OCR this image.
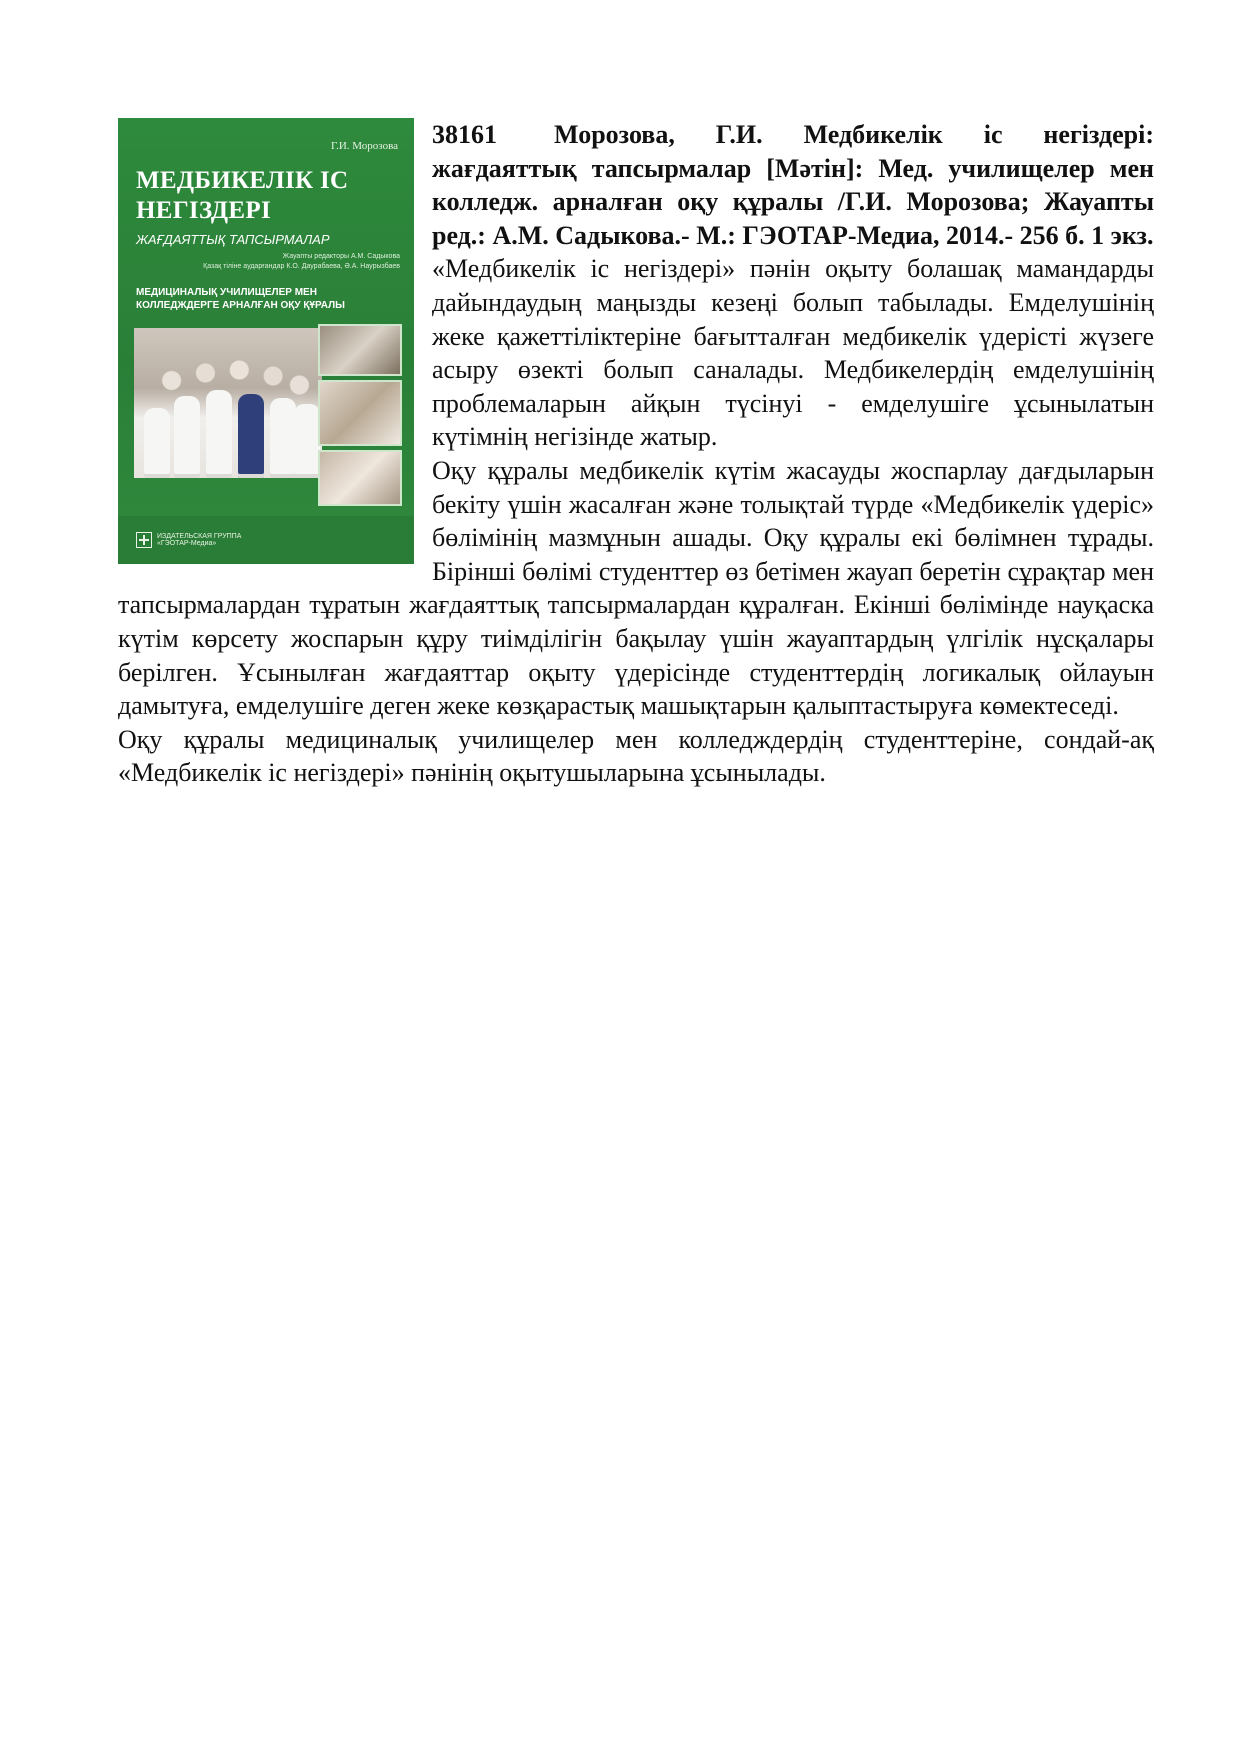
Г.И. Морозова
МЕДБИКЕЛІК ІС
НЕГІЗДЕРІ
ЖАҒДАЯТТЫҚ ТАПСЫРМАЛАР
Жауапты редакторы А.М. Садыкова
Қазақ тіліне аударғандар К.О. Даурабаева, Ә.А. Наурызбаев
МЕДИЦИНАЛЫҚ УЧИЛИЩЕЛЕР МЕН
КОЛЛЕДЖДЕРГЕ АРНАЛҒАН ОҚУ ҚҰРАЛЫ
ИЗДАТЕЛЬСКАЯ ГРУППА
«ГЭОТАР-Медиа»

38161 Морозова, Г.И. Медбикелік іс негіздері: жағдаяттық тапсырмалар [Мәтін]: Мед. училищелер мен колледж. арналған оқу құралы /Г.И. Морозова; Жауапты ред.: А.М. Садыкова.- М.: ГЭОТАР-Медиа, 2014.- 256 б. 1 экз.

«Медбикелік іс негіздері» пәнін оқыту болашақ мамандарды дайындаудың маңызды кезеңі болып табылады. Емделушінің жеке қажеттіліктеріне бағытталған медбикелік үдерісті жүзеге асыру өзекті болып саналады. Медбикелердің емделушінің проблемаларын айқын түсінуі - емделушіге ұсынылатын күтімнің негізінде жатыр.

Оқу құралы медбикелік күтім жасауды жоспарлау дағдыларын бекіту үшін жасалған және толықтай түрде «Медбикелік үдеріс» бөлімінің мазмұнын ашады. Оқу құралы екі бөлімнен тұрады. Бірінші бөлімі студенттер өз бетімен жауап беретін сұрақтар мен тапсырмалардан тұратын жағдаяттық тапсырмалардан құралған. Екінші бөлімінде науқаска күтім көрсету жоспарын құру тиімділігін бақылау үшін жауаптардың үлгілік нұсқалары берілген. Ұсынылған жағдаяттар оқыту үдерісінде студенттердің логикалық ойлауын дамытуға, емделушіге деген жеке көзқарастық машықтарын қалыптастыруға көмектеседі.

Оқу құралы медициналық училищелер мен колледждердің студенттеріне, сондай-ақ «Медбикелік іс негіздері» пәнінің оқытушыларына ұсынылады.
